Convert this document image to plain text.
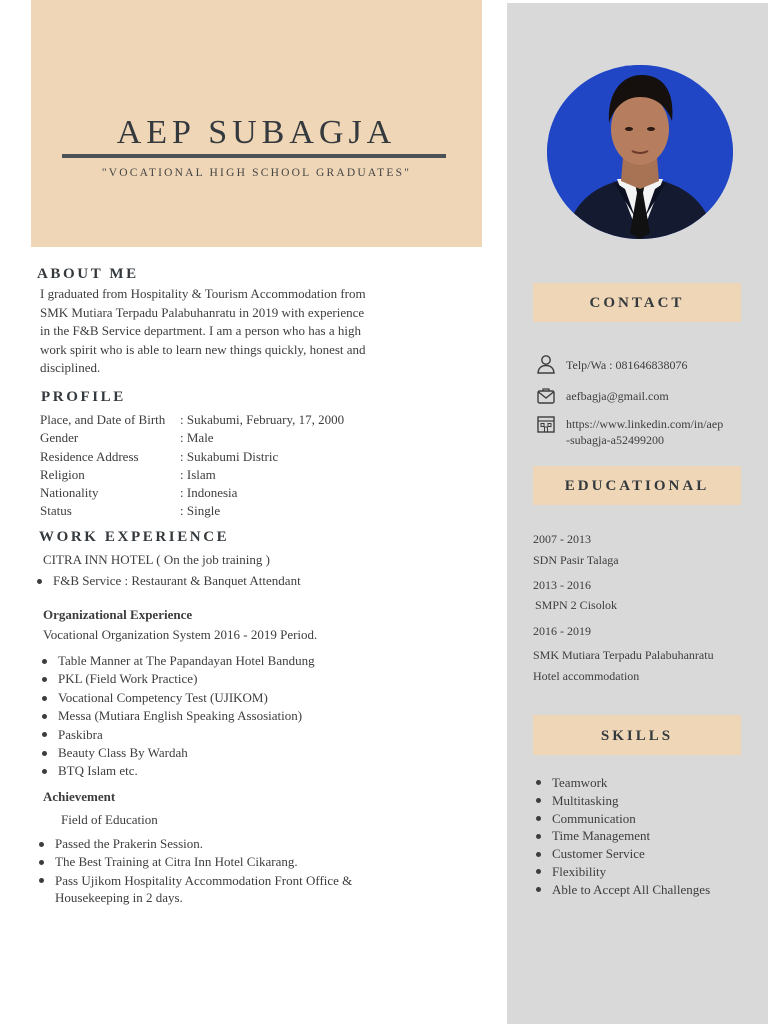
AEP SUBAGJA
"VOCATIONAL HIGH SCHOOL GRADUATES"
ABOUT ME
I graduated from Hospitality & Tourism Accommodation from
SMK Mutiara Terpadu Palabuhanratu in 2019 with experience
in the F&B Service department. I am a person who has a high
work spirit who is able to learn new things quickly, honest and
disciplined.
PROFILE
Place, and Date of Birth : Sukabumi, February, 17, 2000
Gender	: Male
Residence Address	: Sukabumi Distric
Religion	: Islam
Nationality	: Indonesia
Status	: Single
WORK EXPERIENCE
CITRA INN HOTEL ( On the job training )
F&B Service : Restaurant & Banquet Attendant
Organizational Experience
Vocational Organization System 2016 - 2019 Period.
Table Manner at The Papandayan Hotel Bandung
PKL (Field Work Practice)
Vocational Competency Test (UJIKOM)
Messa (Mutiara English Speaking Assosiation)
Paskibra
Beauty Class By Wardah
BTQ Islam etc.
Achievement
Field of Education
Passed the Prakerin Session.
The Best Training at Citra Inn Hotel Cikarang.
Pass Ujikom Hospitality Accommodation Front Office &
Housekeeping in 2 days.
CONTACT
Telp/Wa : 081646838076
aefbagja@gmail.com
https://www.linkedin.com/in/aep
-subagja-a52499200
EDUCATIONAL
2007 - 2013
SDN Pasir Talaga
2013 - 2016
SMPN 2 Cisolok
2016 - 2019
SMK Mutiara Terpadu Palabuhanratu
Hotel accommodation
SKILLS
Teamwork
Multitasking
Communication
Time Management
Customer Service
Flexibility
Able to Accept All Challenges
